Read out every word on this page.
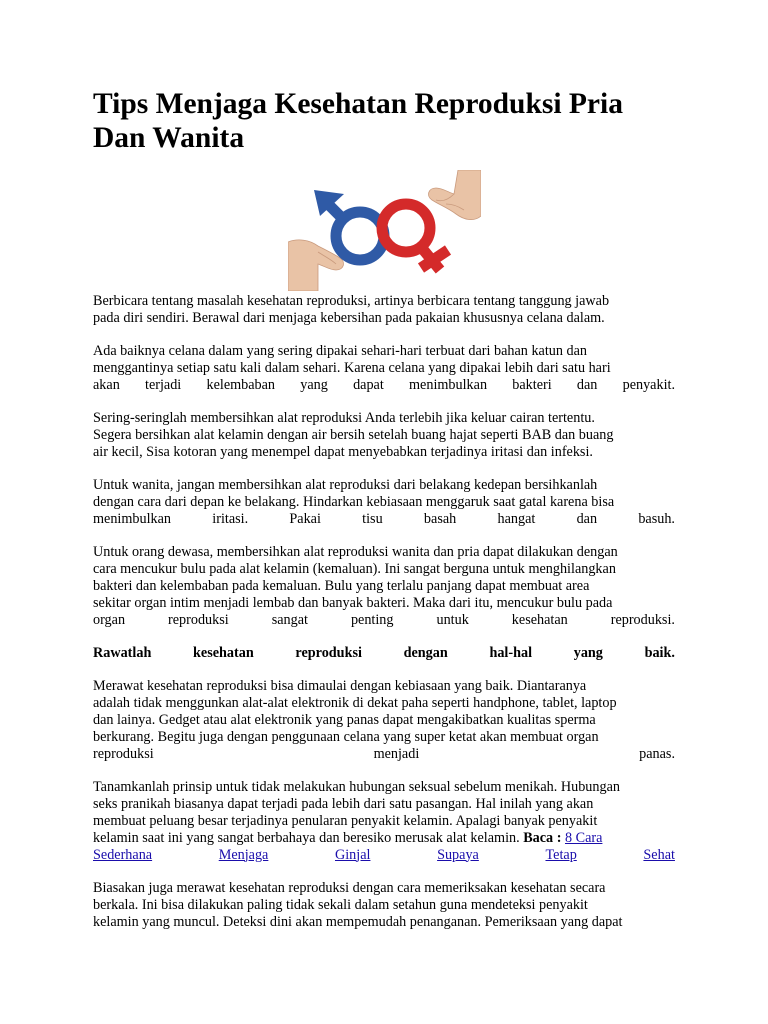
Tips Menjaga Kesehatan Reproduksi Pria
Dan Wanita

Berbicara tentang masalah kesehatan reproduksi, artinya berbicara tentang tanggung jawab
pada diri sendiri. Berawal dari menjaga kebersihan pada pakaian khususnya celana dalam.

Ada baiknya celana dalam yang sering dipakai sehari-hari terbuat dari bahan katun dan
menggantinya setiap satu kali dalam sehari. Karena celana yang dipakai lebih dari satu hari
akan terjadi kelembaban yang dapat menimbulkan bakteri dan penyakit.

Sering-seringlah membersihkan alat reproduksi Anda terlebih jika keluar cairan tertentu.
Segera bersihkan alat kelamin dengan air bersih setelah buang hajat seperti BAB dan buang
air kecil, Sisa kotoran yang menempel dapat menyebabkan terjadinya iritasi dan infeksi.

Untuk wanita, jangan membersihkan alat reproduksi dari belakang kedepan bersihkanlah
dengan cara dari depan ke belakang. Hindarkan kebiasaan menggaruk saat gatal karena bisa
menimbulkan	iritasi.	Pakai	tisu	basah	hangat	dan	basuh.

Untuk orang dewasa, membersihkan alat reproduksi wanita dan pria dapat dilakukan dengan
cara mencukur bulu pada alat kelamin (kemaluan). Ini sangat berguna untuk menghilangkan
bakteri dan kelembaban pada kemaluan. Bulu yang terlalu panjang dapat membuat area
sekitar organ intim menjadi lembab dan banyak bakteri. Maka dari itu, mencukur bulu pada
organ	reproduksi	sangat	penting	untuk	kesehatan	reproduksi.

Rawatlah	kesehatan	reproduksi	dengan	hal-hal	yang	baik.

Merawat kesehatan reproduksi bisa dimaulai dengan kebiasaan yang baik. Diantaranya
adalah tidak menggunkan alat-alat elektronik di dekat paha seperti handphone, tablet, laptop
dan lainya. Gedget atau alat elektronik yang panas dapat mengakibatkan kualitas sperma
berkurang. Begitu juga dengan penggunaan celana yang super ketat akan membuat organ
reproduksi	menjadi	panas.

Tanamkanlah prinsip untuk tidak melakukan hubungan seksual sebelum menikah. Hubungan
seks pranikah biasanya dapat terjadi pada lebih dari satu pasangan. Hal inilah yang akan
membuat peluang besar terjadinya penularan penyakit kelamin. Apalagi banyak penyakit
kelamin saat ini yang sangat berbahaya dan beresiko merusak alat kelamin. Baca : 8 Cara
Sederhana	Menjaga	Ginjal	Supaya	Tetap	Sehat

Biasakan juga merawat kesehatan reproduksi dengan cara memeriksakan kesehatan secara
berkala. Ini bisa dilakukan paling tidak sekali dalam setahun guna mendeteksi penyakit
kelamin yang muncul. Deteksi dini akan mempemudah penanganan. Pemeriksaan yang dapat
